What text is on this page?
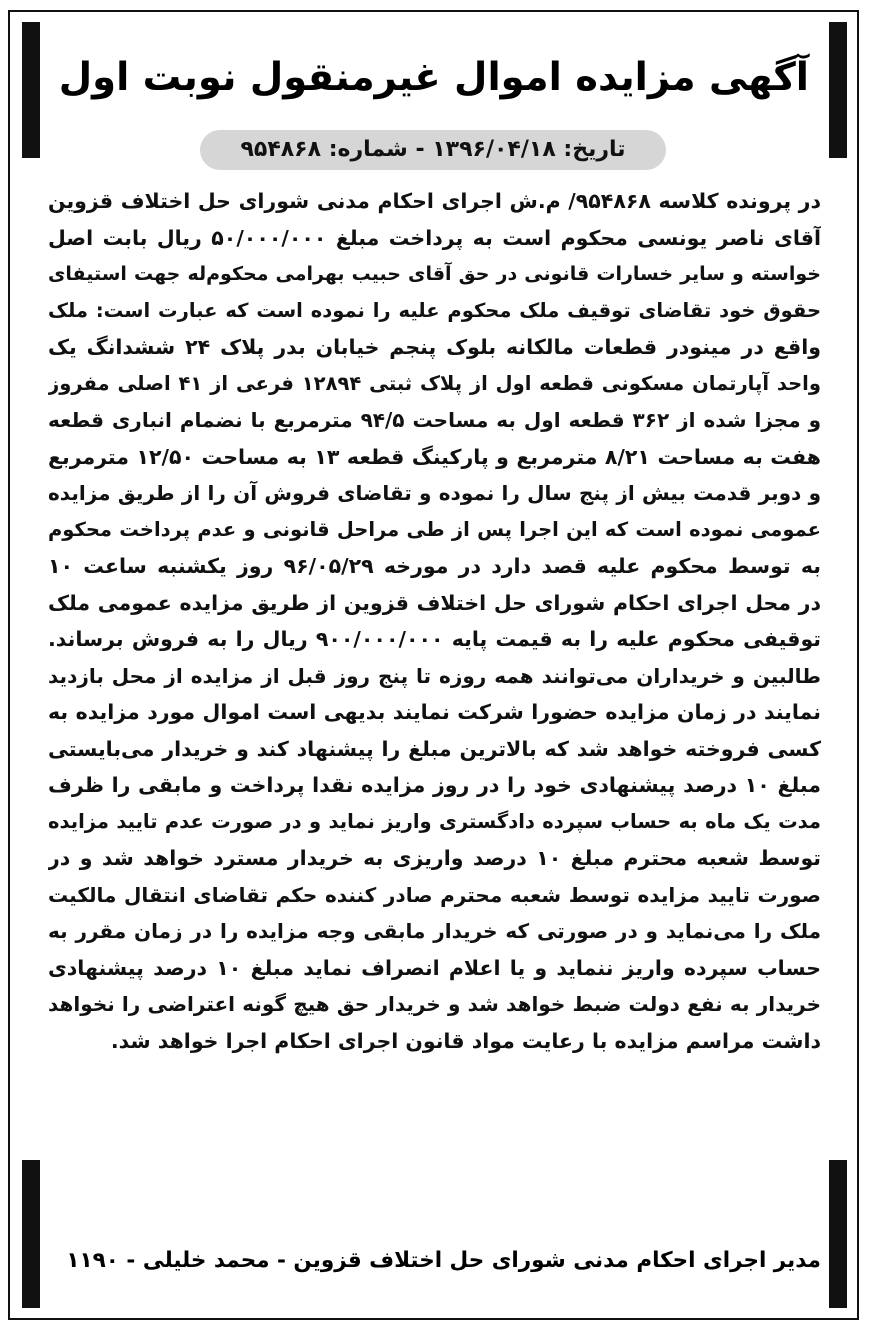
آگهی مزایده اموال غیرمنقول نوبت اول
تاریخ: ۱۳۹۶/۰۴/۱۸ - شماره: ۹۵۴۸۶۸
در پرونده کلاسه ۹۵۴۸۶۸/ م.ش اجرای احکام مدنی شورای حل اختلاف قزوین
آقای ناصر یونسی محکوم است به پرداخت مبلغ ۵۰/۰۰۰/۰۰۰ ریال بابت اصل
خواسته و سایر خسارات قانونی در حق آقای حبیب بهرامی محکوم‌له جهت استیفای
حقوق خود تقاضای توقیف ملک محکوم علیه را نموده است که عبارت است: ملک
واقع در مینودر قطعات مالکانه بلوک پنجم خیابان بدر پلاک ۲۴ ششدانگ یک
واحد آپارتمان مسکونی قطعه اول از پلاک ثبتی ۱۲۸۹۴ فرعی از ۴۱ اصلی مفروز
و مجزا شده از ۳۶۲ قطعه اول به مساحت ۹۴/۵ مترمربع با نضمام انباری قطعه
هفت به مساحت ۸/۲۱ مترمربع و پارکینگ قطعه ۱۳ به مساحت ۱۲/۵۰ مترمربع
و دوبر قدمت بیش از پنج سال را نموده و تقاضای فروش آن را از طریق مزایده
عمومی نموده است که این اجرا پس از طی مراحل قانونی و عدم پرداخت محکوم
به توسط محکوم علیه قصد دارد در مورخه ۹۶/۰۵/۲۹ روز یکشنبه ساعت ۱۰
در محل اجرای احکام شورای حل اختلاف قزوین از طریق مزایده عمومی ملک
توقیفی محکوم علیه را به قیمت پایه ۹۰۰/۰۰۰/۰۰۰ ریال را به فروش برساند.
طالبین و خریداران می‌توانند همه روزه تا پنج روز قبل از مزایده از محل بازدید
نمایند در زمان مزایده حضورا شرکت نمایند بدیهی است اموال مورد مزایده به
کسی فروخته خواهد شد که بالاترین مبلغ را پیشنهاد کند و خریدار می‌بایستی
مبلغ ۱۰ درصد پیشنهادی خود را در روز مزایده نقدا پرداخت و مابقی را ظرف
مدت یک ماه به حساب سپرده دادگستری واریز نماید و در صورت عدم تایید مزایده
توسط شعبه محترم مبلغ ۱۰ درصد واریزی به خریدار مسترد خواهد شد و در
صورت تایید مزایده توسط شعبه محترم صادر کننده حکم تقاضای انتقال مالکیت
ملک را می‌نماید و در صورتی که خریدار مابقی وجه مزایده را در زمان مقرر به
حساب سپرده واریز ننماید و یا اعلام انصراف نماید مبلغ ۱۰ درصد پیشنهادی
خریدار به نفع دولت ضبط خواهد شد و خریدار حق هیچ گونه اعتراضی را نخواهد
داشت مراسم مزایده با رعایت مواد قانون اجرای احکام اجرا خواهد شد.
مدیر اجرای احکام مدنی شورای حل اختلاف قزوین - محمد خلیلی - ۱۱۹۰
